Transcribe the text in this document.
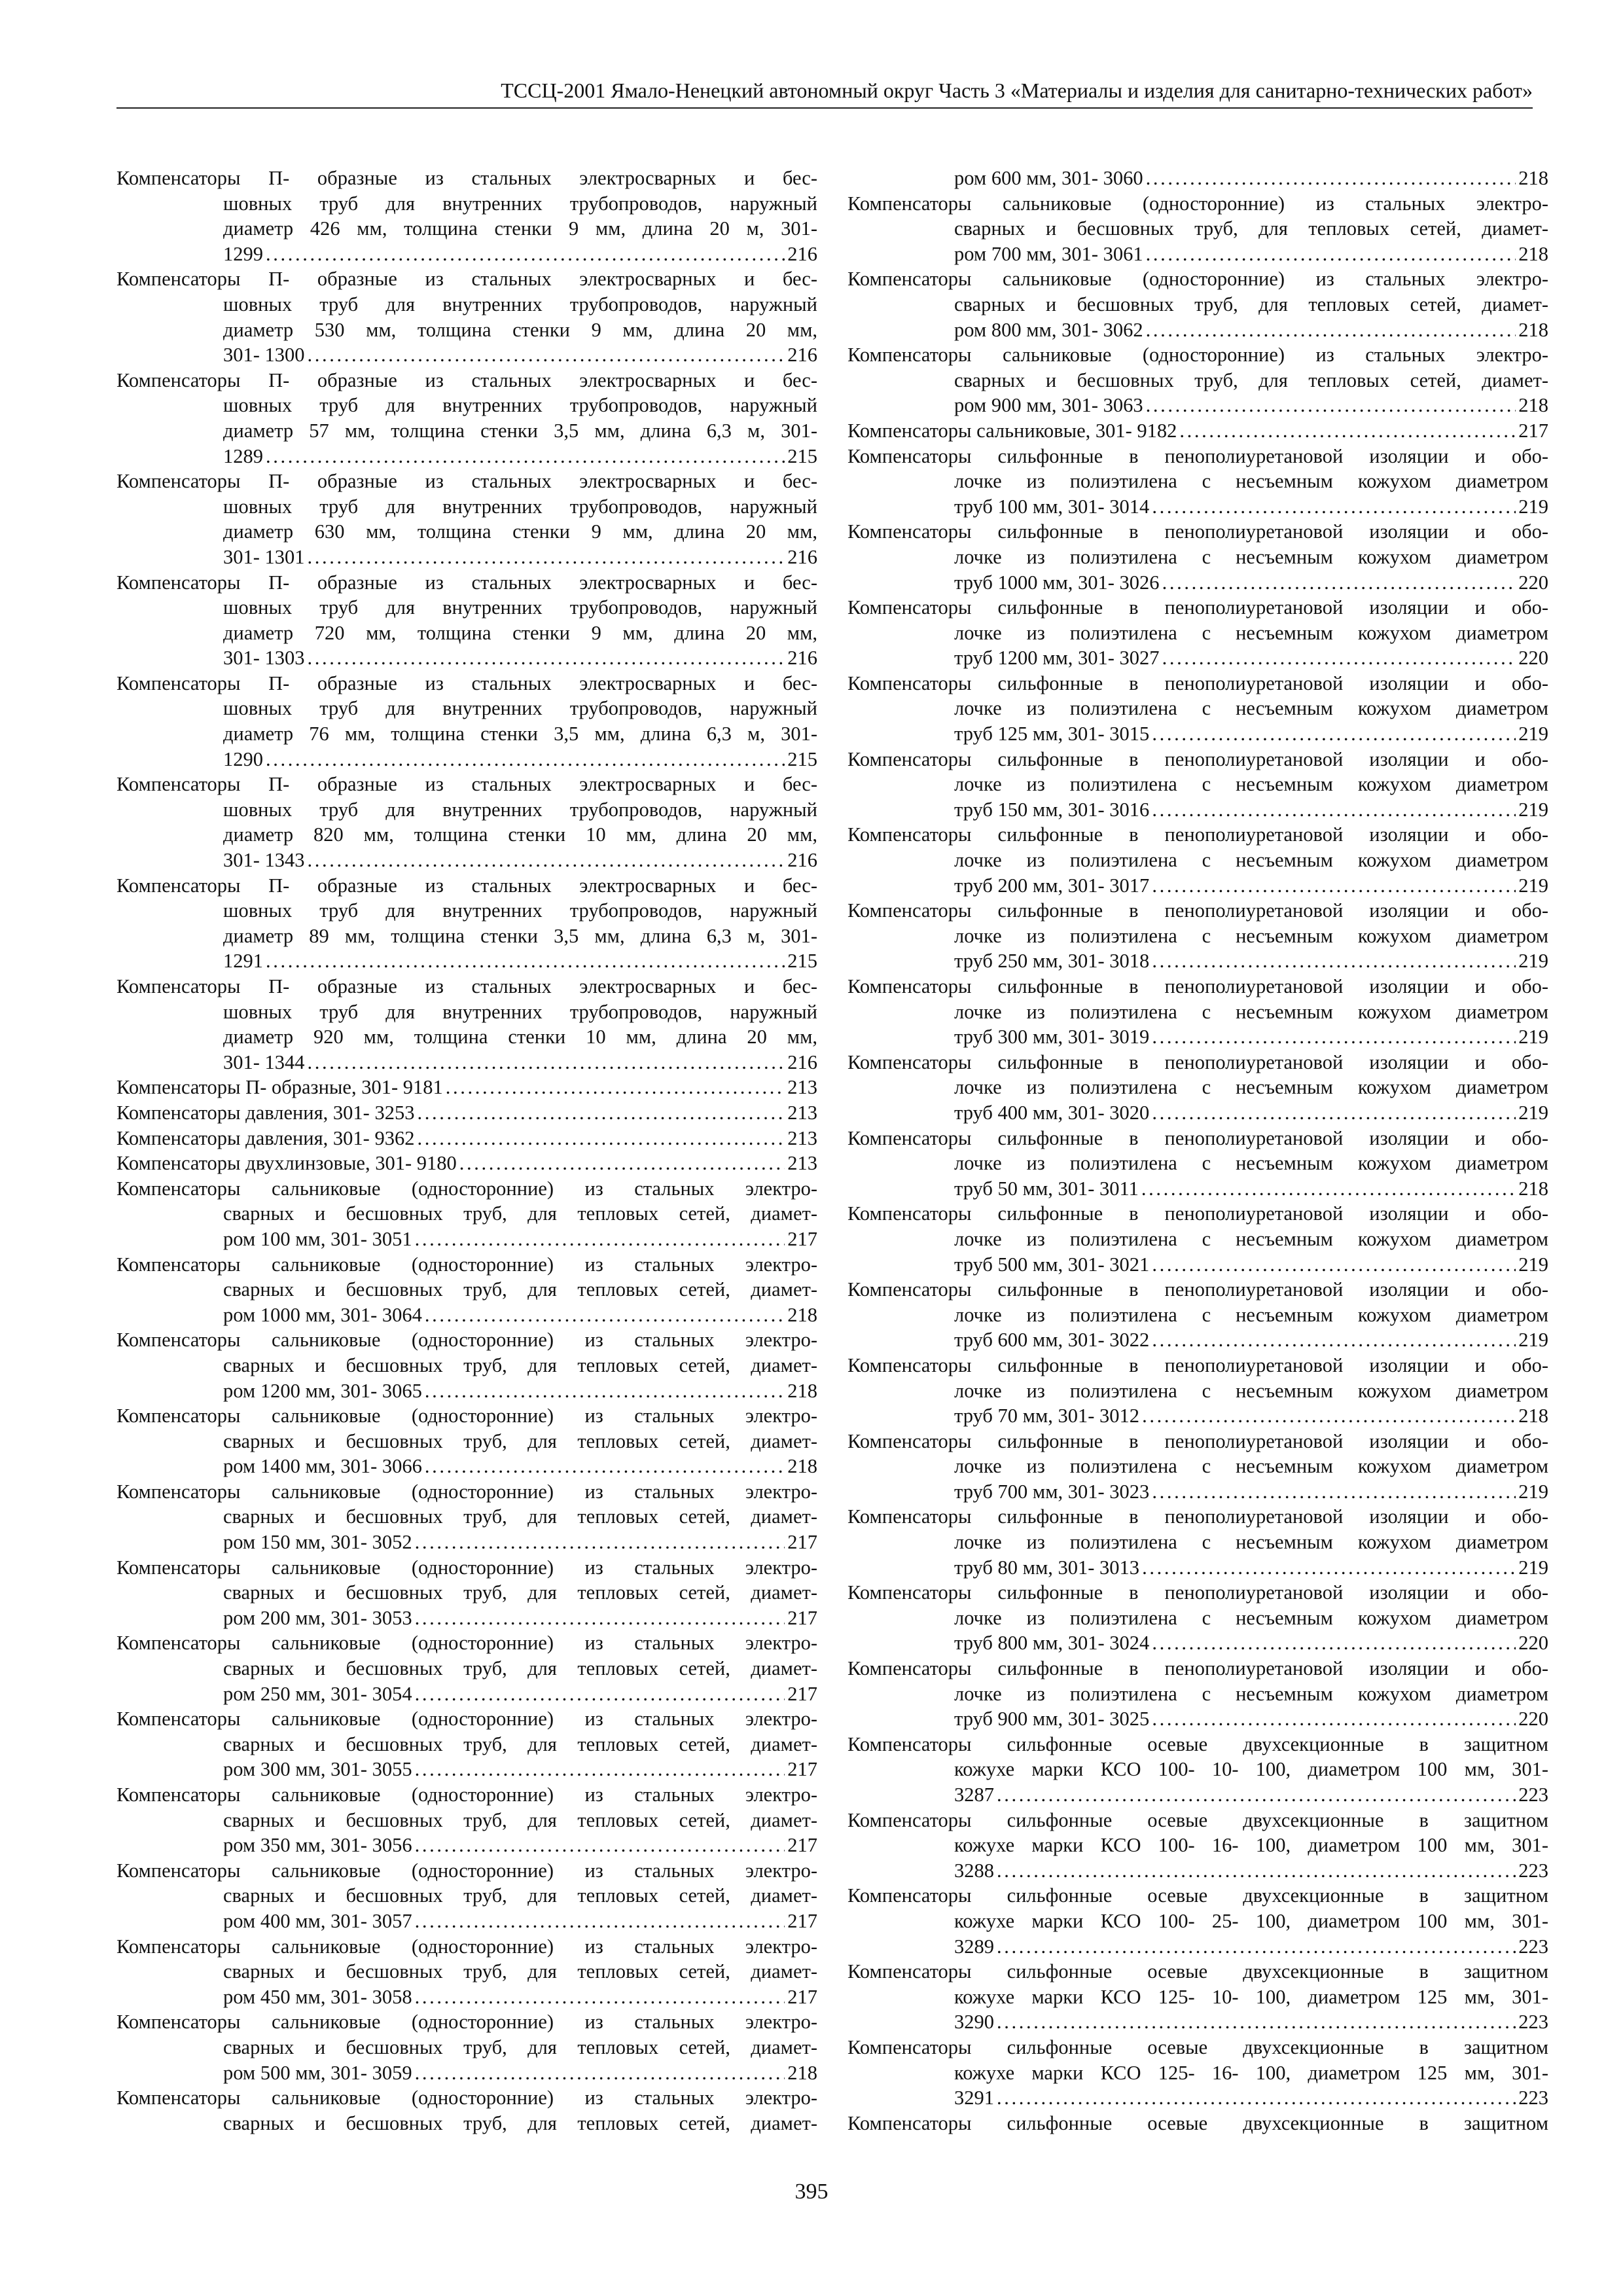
ТССЦ-2001 Ямало-Ненецкий автономный округ Часть 3 «Материалы и изделия для санитарно-технических работ»
Компенсаторы П- образные из стальных электросварных и бес-
шовных труб для внутренних трубопроводов, наружный
диаметр 426 мм, толщина стенки 9 мм, длина 20 м, 301-
1299 . . .	216
Компенсаторы П- образные из стальных электросварных и бес-
шовных труб для внутренних трубопроводов, наружный
диаметр 530 мм, толщина стенки 9 мм, длина 20 мм,
301- 1300 . . .	216
Компенсаторы П- образные из стальных электросварных и бес-
шовных труб для внутренних трубопроводов, наружный
диаметр 57 мм, толщина стенки 3,5 мм, длина 6,3 м, 301-
1289 . . .	215
Компенсаторы П- образные из стальных электросварных и бес-
шовных труб для внутренних трубопроводов, наружный
диаметр 630 мм, толщина стенки 9 мм, длина 20 мм,
301- 1301 . . .	216
Компенсаторы П- образные из стальных электросварных и бес-
шовных труб для внутренних трубопроводов, наружный
диаметр 720 мм, толщина стенки 9 мм, длина 20 мм,
301- 1303 . . .	216
Компенсаторы П- образные из стальных электросварных и бес-
шовных труб для внутренних трубопроводов, наружный
диаметр 76 мм, толщина стенки 3,5 мм, длина 6,3 м, 301-
1290 . . .	215
Компенсаторы П- образные из стальных электросварных и бес-
шовных труб для внутренних трубопроводов, наружный
диаметр 820 мм, толщина стенки 10 мм, длина 20 мм,
301- 1343 . . .	216
Компенсаторы П- образные из стальных электросварных и бес-
шовных труб для внутренних трубопроводов, наружный
диаметр 89 мм, толщина стенки 3,5 мм, длина 6,3 м, 301-
1291 . . .	215
Компенсаторы П- образные из стальных электросварных и бес-
шовных труб для внутренних трубопроводов, наружный
диаметр 920 мм, толщина стенки 10 мм, длина 20 мм,
301- 1344 . . .	216
Компенсаторы П- образные, 301- 9181 . . .	213
Компенсаторы давления, 301- 3253 . . .	213
Компенсаторы давления, 301- 9362 . . .	213
Компенсаторы двухлинзовые, 301- 9180 . . .	213
Компенсаторы сальниковые (односторонние) из стальных электро-
сварных и бесшовных труб, для тепловых сетей, диамет-
ром 100 мм, 301- 3051 . . .	217
Компенсаторы сальниковые (односторонние) из стальных электро-
сварных и бесшовных труб, для тепловых сетей, диамет-
ром 1000 мм, 301- 3064 . . .	218
Компенсаторы сальниковые (односторонние) из стальных электро-
сварных и бесшовных труб, для тепловых сетей, диамет-
ром 1200 мм, 301- 3065 . . .	218
Компенсаторы сальниковые (односторонние) из стальных электро-
сварных и бесшовных труб, для тепловых сетей, диамет-
ром 1400 мм, 301- 3066 . . .	218
Компенсаторы сальниковые (односторонние) из стальных электро-
сварных и бесшовных труб, для тепловых сетей, диамет-
ром 150 мм, 301- 3052 . . .	217
Компенсаторы сальниковые (односторонние) из стальных электро-
сварных и бесшовных труб, для тепловых сетей, диамет-
ром 200 мм, 301- 3053 . . .	217
Компенсаторы сальниковые (односторонние) из стальных электро-
сварных и бесшовных труб, для тепловых сетей, диамет-
ром 250 мм, 301- 3054 . . .	217
Компенсаторы сальниковые (односторонние) из стальных электро-
сварных и бесшовных труб, для тепловых сетей, диамет-
ром 300 мм, 301- 3055 . . .	217
Компенсаторы сальниковые (односторонние) из стальных электро-
сварных и бесшовных труб, для тепловых сетей, диамет-
ром 350 мм, 301- 3056 . . .	217
Компенсаторы сальниковые (односторонние) из стальных электро-
сварных и бесшовных труб, для тепловых сетей, диамет-
ром 400 мм, 301- 3057 . . .	217
Компенсаторы сальниковые (односторонние) из стальных электро-
сварных и бесшовных труб, для тепловых сетей, диамет-
ром 450 мм, 301- 3058 . . .	217
Компенсаторы сальниковые (односторонние) из стальных электро-
сварных и бесшовных труб, для тепловых сетей, диамет-
ром 500 мм, 301- 3059 . . .	218
Компенсаторы сальниковые (односторонние) из стальных электро-
сварных и бесшовных труб, для тепловых сетей, диамет-
ром 600 мм, 301- 3060 . . .	218
Компенсаторы сальниковые (односторонние) из стальных электро-
сварных и бесшовных труб, для тепловых сетей, диамет-
ром 700 мм, 301- 3061 . . .	218
Компенсаторы сальниковые (односторонние) из стальных электро-
сварных и бесшовных труб, для тепловых сетей, диамет-
ром 800 мм, 301- 3062 . . .	218
Компенсаторы сальниковые (односторонние) из стальных электро-
сварных и бесшовных труб, для тепловых сетей, диамет-
ром 900 мм, 301- 3063 . . .	218
Компенсаторы сальниковые, 301- 9182 . . .	217
Компенсаторы сильфонные в пенополиуретановой изоляции и обо-
лочке из полиэтилена с несъемным кожухом диаметром
труб 100 мм, 301- 3014 . . .	219
Компенсаторы сильфонные в пенополиуретановой изоляции и обо-
лочке из полиэтилена с несъемным кожухом диаметром
труб 1000 мм, 301- 3026 . . .	220
Компенсаторы сильфонные в пенополиуретановой изоляции и обо-
лочке из полиэтилена с несъемным кожухом диаметром
труб 1200 мм, 301- 3027 . . .	220
Компенсаторы сильфонные в пенополиуретановой изоляции и обо-
лочке из полиэтилена с несъемным кожухом диаметром
труб 125 мм, 301- 3015 . . .	219
Компенсаторы сильфонные в пенополиуретановой изоляции и обо-
лочке из полиэтилена с несъемным кожухом диаметром
труб 150 мм, 301- 3016 . . .	219
Компенсаторы сильфонные в пенополиуретановой изоляции и обо-
лочке из полиэтилена с несъемным кожухом диаметром
труб 200 мм, 301- 3017 . . .	219
Компенсаторы сильфонные в пенополиуретановой изоляции и обо-
лочке из полиэтилена с несъемным кожухом диаметром
труб 250 мм, 301- 3018 . . .	219
Компенсаторы сильфонные в пенополиуретановой изоляции и обо-
лочке из полиэтилена с несъемным кожухом диаметром
труб 300 мм, 301- 3019 . . .	219
Компенсаторы сильфонные в пенополиуретановой изоляции и обо-
лочке из полиэтилена с несъемным кожухом диаметром
труб 400 мм, 301- 3020 . . .	219
Компенсаторы сильфонные в пенополиуретановой изоляции и обо-
лочке из полиэтилена с несъемным кожухом диаметром
труб 50 мм, 301- 3011 . . .	218
Компенсаторы сильфонные в пенополиуретановой изоляции и обо-
лочке из полиэтилена с несъемным кожухом диаметром
труб 500 мм, 301- 3021 . . .	219
Компенсаторы сильфонные в пенополиуретановой изоляции и обо-
лочке из полиэтилена с несъемным кожухом диаметром
труб 600 мм, 301- 3022 . . .	219
Компенсаторы сильфонные в пенополиуретановой изоляции и обо-
лочке из полиэтилена с несъемным кожухом диаметром
труб 70 мм, 301- 3012 . . .	218
Компенсаторы сильфонные в пенополиуретановой изоляции и обо-
лочке из полиэтилена с несъемным кожухом диаметром
труб 700 мм, 301- 3023 . . .	219
Компенсаторы сильфонные в пенополиуретановой изоляции и обо-
лочке из полиэтилена с несъемным кожухом диаметром
труб 80 мм, 301- 3013 . . .	219
Компенсаторы сильфонные в пенополиуретановой изоляции и обо-
лочке из полиэтилена с несъемным кожухом диаметром
труб 800 мм, 301- 3024 . . .	220
Компенсаторы сильфонные в пенополиуретановой изоляции и обо-
лочке из полиэтилена с несъемным кожухом диаметром
труб 900 мм, 301- 3025 . . .	220
Компенсаторы сильфонные осевые двухсекционные в защитном
кожухе марки КСО 100- 10- 100, диаметром 100 мм, 301-
3287 . . .	223
Компенсаторы сильфонные осевые двухсекционные в защитном
кожухе марки КСО 100- 16- 100, диаметром 100 мм, 301-
3288 . . .	223
Компенсаторы сильфонные осевые двухсекционные в защитном
кожухе марки КСО 100- 25- 100, диаметром 100 мм, 301-
3289 . . .	223
Компенсаторы сильфонные осевые двухсекционные в защитном
кожухе марки КСО 125- 10- 100, диаметром 125 мм, 301-
3290 . . .	223
Компенсаторы сильфонные осевые двухсекционные в защитном
кожухе марки КСО 125- 16- 100, диаметром 125 мм, 301-
3291 . . .	223
Компенсаторы сильфонные осевые двухсекционные в защитном
395
